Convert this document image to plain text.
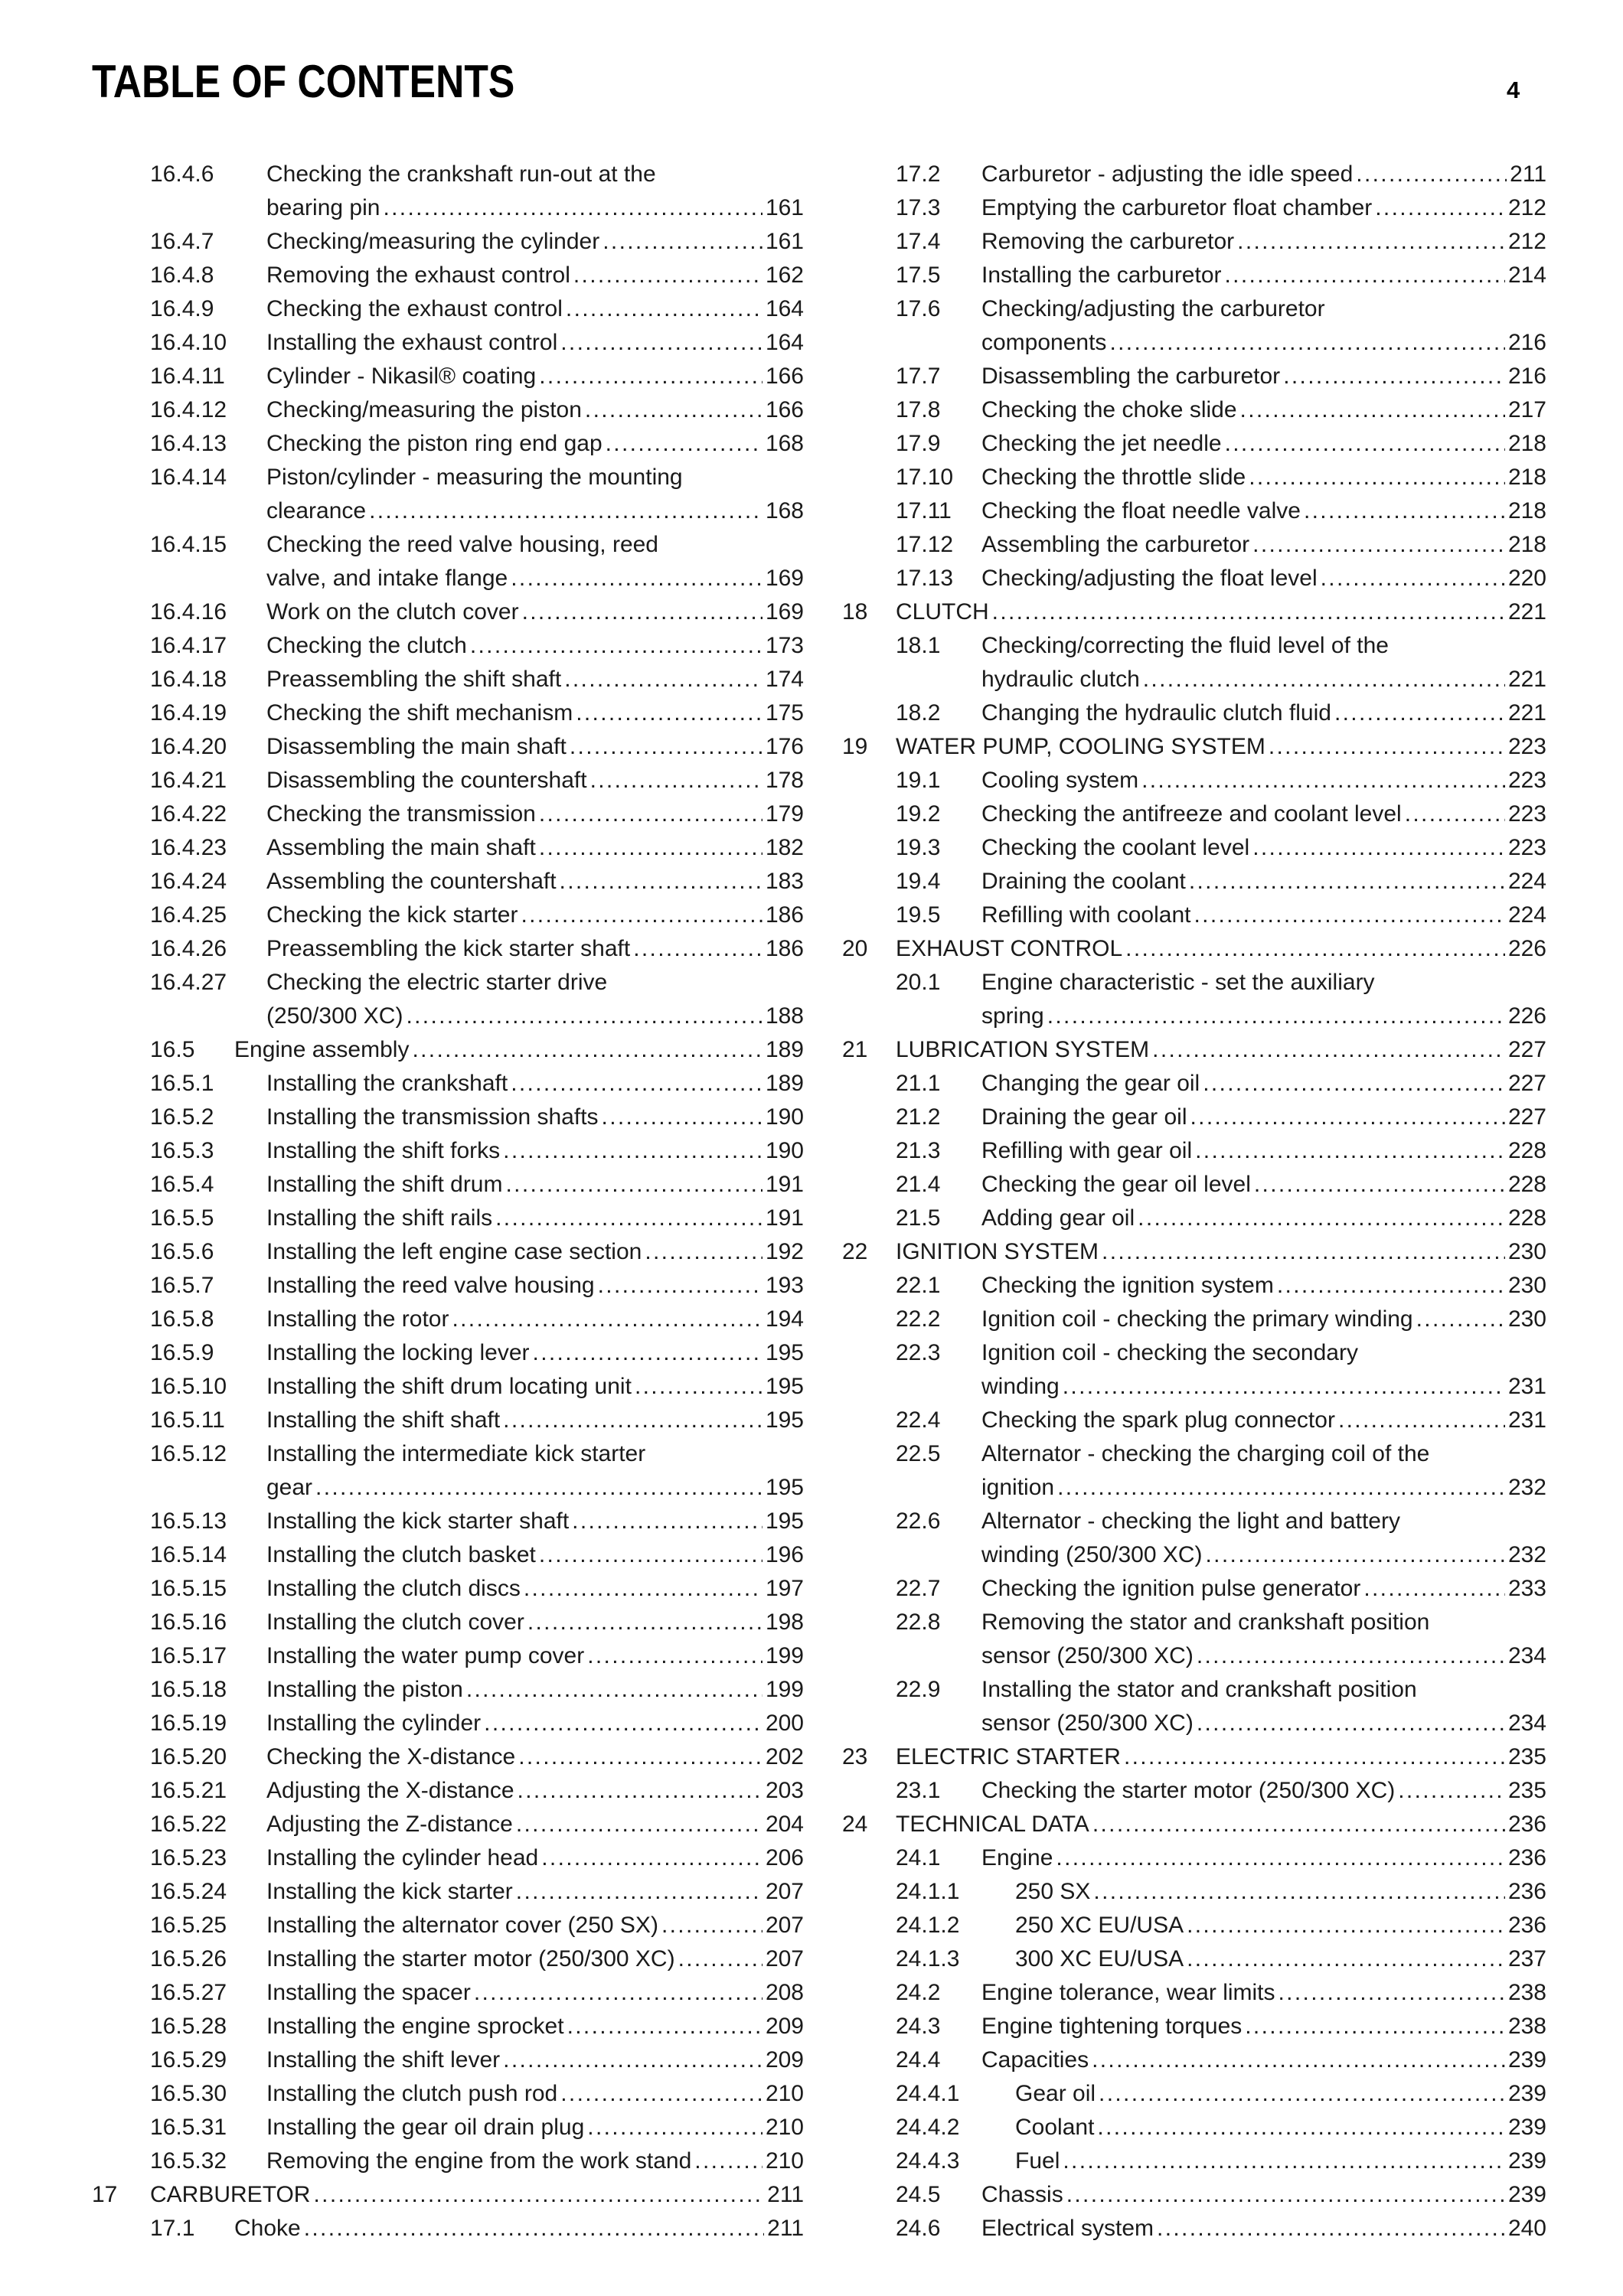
TABLE OF CONTENTS	4
16.4.6 Checking the crankshaft run-out at the
bearing pin . . .	161
16.4.7 Checking/measuring the cylinder . . .	161
16.4.8 Removing the exhaust control . . .	162
16.4.9 Checking the exhaust control . . .	164
16.4.10 Installing the exhaust control . . .	164
16.4.11 Cylinder - Nikasil® coating . . .	166
16.4.12 Checking/measuring the piston . . .	166
16.4.13 Checking the piston ring end gap . . .	168
16.4.14 Piston/cylinder - measuring the mounting
clearance . . .	168
16.4.15 Checking the reed valve housing, reed
valve, and intake flange . . .	169
16.4.16 Work on the clutch cover . . .	169
16.4.17 Checking the clutch . . .	173
16.4.18 Preassembling the shift shaft . . .	174
16.4.19 Checking the shift mechanism . . .	175
16.4.20 Disassembling the main shaft . . .	176
16.4.21 Disassembling the countershaft . . .	178
16.4.22 Checking the transmission . . .	179
16.4.23 Assembling the main shaft . . .	182
16.4.24 Assembling the countershaft . . .	183
16.4.25 Checking the kick starter . . .	186
16.4.26 Preassembling the kick starter shaft . . .	186
16.4.27 Checking the electric starter drive
(250/300 XC) . . .	188
16.5 Engine assembly . . .	189
16.5.1 Installing the crankshaft . . .	189
16.5.2 Installing the transmission shafts . . .	190
16.5.3 Installing the shift forks . . .	190
16.5.4 Installing the shift drum . . .	191
16.5.5 Installing the shift rails . . .	191
16.5.6 Installing the left engine case section . . .	192
16.5.7 Installing the reed valve housing . . .	193
16.5.8 Installing the rotor . . .	194
16.5.9 Installing the locking lever . . .	195
16.5.10 Installing the shift drum locating unit . . .	195
16.5.11 Installing the shift shaft . . .	195
16.5.12 Installing the intermediate kick starter
gear . . .	195
16.5.13 Installing the kick starter shaft . . .	195
16.5.14 Installing the clutch basket . . .	196
16.5.15 Installing the clutch discs . . .	197
16.5.16 Installing the clutch cover . . .	198
16.5.17 Installing the water pump cover . . .	199
16.5.18 Installing the piston . . .	199
16.5.19 Installing the cylinder . . .	200
16.5.20 Checking the X-distance . . .	202
16.5.21 Adjusting the X-distance . . .	203
16.5.22 Adjusting the Z-distance . . .	204
16.5.23 Installing the cylinder head . . .	206
16.5.24 Installing the kick starter . . .	207
16.5.25 Installing the alternator cover (250 SX) . . .	207
16.5.26 Installing the starter motor (250/300 XC) . . .	207
16.5.27 Installing the spacer . . .	208
16.5.28 Installing the engine sprocket . . .	209
16.5.29 Installing the shift lever . . .	209
16.5.30 Installing the clutch push rod . . .	210
16.5.31 Installing the gear oil drain plug . . .	210
16.5.32 Removing the engine from the work stand . . .	210
17 CARBURETOR . . .	211
17.1 Choke . . .	211
17.2 Carburetor - adjusting the idle speed . . .	211
17.3 Emptying the carburetor float chamber . . .	212
17.4 Removing the carburetor . . .	212
17.5 Installing the carburetor . . .	214
17.6 Checking/adjusting the carburetor
components . . .	216
17.7 Disassembling the carburetor . . .	216
17.8 Checking the choke slide . . .	217
17.9 Checking the jet needle . . .	218
17.10 Checking the throttle slide . . .	218
17.11 Checking the float needle valve . . .	218
17.12 Assembling the carburetor . . .	218
17.13 Checking/adjusting the float level . . .	220
18 CLUTCH . . .	221
18.1 Checking/correcting the fluid level of the
hydraulic clutch . . .	221
18.2 Changing the hydraulic clutch fluid . . .	221
19 WATER PUMP, COOLING SYSTEM . . .	223
19.1 Cooling system . . .	223
19.2 Checking the antifreeze and coolant level . . .	223
19.3 Checking the coolant level . . .	223
19.4 Draining the coolant . . .	224
19.5 Refilling with coolant . . .	224
20 EXHAUST CONTROL . . .	226
20.1 Engine characteristic - set the auxiliary
spring . . .	226
21 LUBRICATION SYSTEM . . .	227
21.1 Changing the gear oil . . .	227
21.2 Draining the gear oil . . .	227
21.3 Refilling with gear oil . . .	228
21.4 Checking the gear oil level . . .	228
21.5 Adding gear oil . . .	228
22 IGNITION SYSTEM . . .	230
22.1 Checking the ignition system . . .	230
22.2 Ignition coil - checking the primary winding . . .	230
22.3 Ignition coil - checking the secondary
winding . . .	231
22.4 Checking the spark plug connector . . .	231
22.5 Alternator - checking the charging coil of the
ignition . . .	232
22.6 Alternator - checking the light and battery
winding (250/300 XC) . . .	232
22.7 Checking the ignition pulse generator . . .	233
22.8 Removing the stator and crankshaft position
sensor (250/300 XC) . . .	234
22.9 Installing the stator and crankshaft position
sensor (250/300 XC) . . .	234
23 ELECTRIC STARTER . . .	235
23.1 Checking the starter motor (250/300 XC) . . .	235
24 TECHNICAL DATA . . .	236
24.1 Engine . . .	236
24.1.1 250 SX . . .	236
24.1.2 250 XC EU/USA . . .	236
24.1.3 300 XC EU/USA . . .	237
24.2 Engine tolerance, wear limits . . .	238
24.3 Engine tightening torques . . .	238
24.4 Capacities . . .	239
24.4.1 Gear oil . . .	239
24.4.2 Coolant . . .	239
24.4.3 Fuel . . .	239
24.5 Chassis . . .	239
24.6 Electrical system . . .	240
